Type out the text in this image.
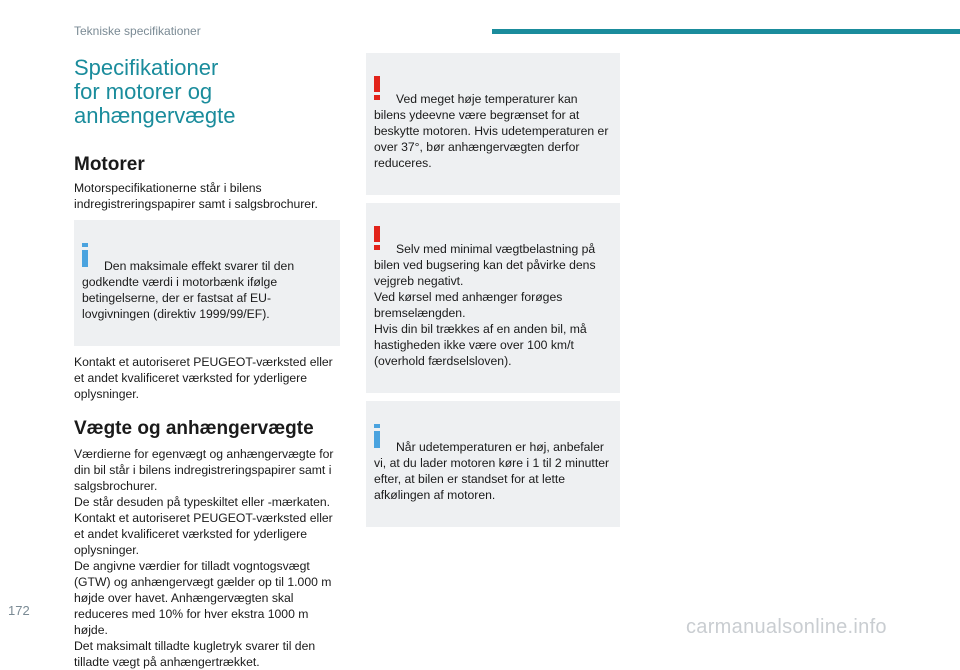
Tekniske specifikationer
Specifikationer
for motorer og
anhængervægte
Motorer

Motorspecifikationerne står i bilens indregistreringspapirer samt i salgsbrochurer.

Den maksimale effekt svarer til den godkendte værdi i motorbænk ifølge betingelserne, der er fastsat af EU-lovgivningen (direktiv 1999/99/EF).

Kontakt et autoriseret PEUGEOT-værksted eller et andet kvalificeret værksted for yderligere oplysninger.

Vægte og anhængervægte

Værdierne for egenvægt og anhængervægte for din bil står i bilens indregistreringspapirer samt i salgsbrochurer.
De står desuden på typeskiltet eller -mærkaten.
Kontakt et autoriseret PEUGEOT-værksted eller et andet kvalificeret værksted for yderligere oplysninger.
De angivne værdier for tilladt vogntogsvægt (GTW) og anhængervægt gælder op til 1.000 m højde over havet. Anhængervægten skal reduceres med 10% for hver ekstra 1000 m højde.
Det maksimalt tilladte kugletryk svarer til den tilladte vægt på anhængertrækket.

Ved meget høje temperaturer kan bilens ydeevne være begrænset for at beskytte motoren. Hvis udetemperaturen er over 37°, bør anhængervægten derfor reduceres.

Selv med minimal vægtbelastning på bilen ved bugsering kan det påvirke dens vejgreb negativt.
Ved kørsel med anhænger forøges bremselængden.
Hvis din bil trækkes af en anden bil, må hastigheden ikke være over 100 km/t (overhold færdselsloven).

Når udetemperaturen er høj, anbefaler vi, at du lader motoren køre i 1 til 2 minutter efter, at bilen er standset for at lette afkølingen af motoren.

172
carmanualsonline.info
